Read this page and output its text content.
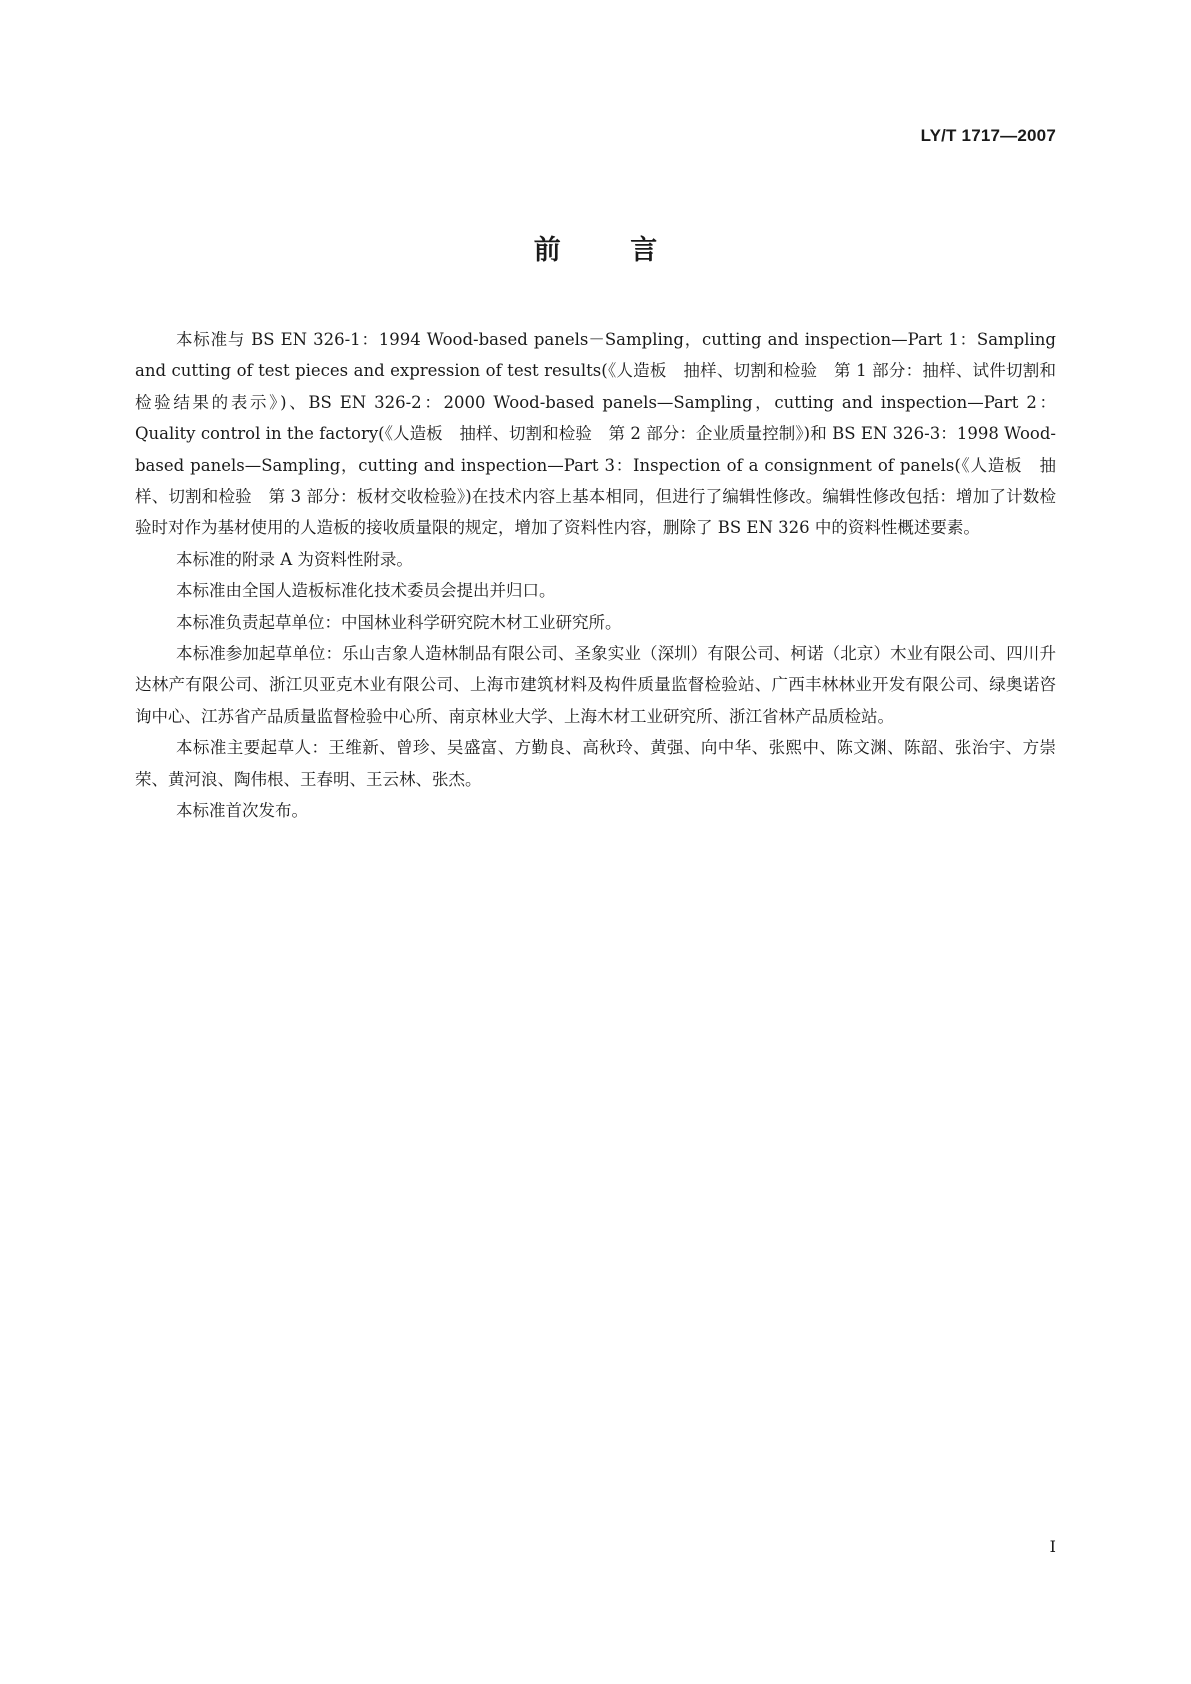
LY/T 1717—2007

前 言

本标准与 BS EN 326-1：1994 Wood-based panels－Sampling，cutting and inspection—Part 1：Sampling and cutting of test pieces and expression of test results(《人造板　抽样、切割和检验　第 1 部分：抽样、试件切割和检验结果的表示》)、BS EN 326-2：2000 Wood-based panels—Sampling，cutting and inspection—Part 2：Quality control in the factory(《人造板　抽样、切割和检验　第 2 部分：企业质量控制》)和 BS EN 326-3：1998 Wood-based panels—Sampling，cutting and inspection—Part 3：Inspection of a consignment of panels(《人造板　抽样、切割和检验　第 3 部分：板材交收检验》)在技术内容上基本相同，但进行了编辑性修改。编辑性修改包括：增加了计数检验时对作为基材使用的人造板的接收质量限的规定，增加了资料性内容，删除了 BS EN 326 中的资料性概述要素。

本标准的附录 A 为资料性附录。

本标准由全国人造板标准化技术委员会提出并归口。

本标准负责起草单位：中国林业科学研究院木材工业研究所。

本标准参加起草单位：乐山吉象人造林制品有限公司、圣象实业（深圳）有限公司、柯诺（北京）木业有限公司、四川升达林产有限公司、浙江贝亚克木业有限公司、上海市建筑材料及构件质量监督检验站、广西丰林林业开发有限公司、绿奥诺咨询中心、江苏省产品质量监督检验中心所、南京林业大学、上海木材工业研究所、浙江省林产品质检站。

本标准主要起草人：王维新、曾珍、吴盛富、方勤良、高秋玲、黄强、向中华、张熙中、陈文渊、陈韶、张治宇、方崇荣、黄河浪、陶伟根、王春明、王云林、张杰。

本标准首次发布。

I
